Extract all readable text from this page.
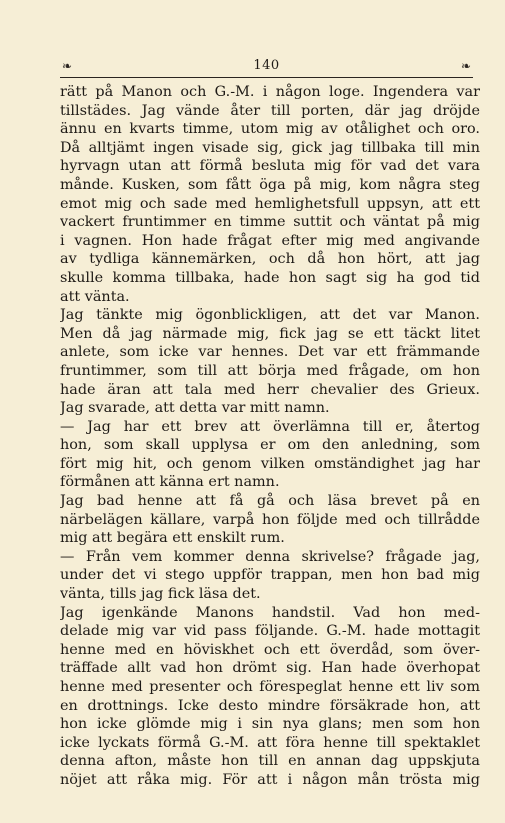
❧	140	❧
rätt på Manon och G.-M. i någon loge. Ingendera var
tillstädes. Jag vände åter till porten, där jag dröjde
ännu en kvarts timme, utom mig av otålighet och oro.
Då alltjämt ingen visade sig, gick jag tillbaka till min
hyrvagn utan att förmå besluta mig för vad det vara
månde. Kusken, som fått öga på mig, kom några steg
emot mig och sade med hemlighetsfull uppsyn, att ett
vackert fruntimmer en timme suttit och väntat på mig
i vagnen. Hon hade frågat efter mig med angivande
av tydliga kännemärken, och då hon hört, att jag
skulle komma tillbaka, hade hon sagt sig ha god tid
att vänta.
Jag tänkte mig ögonblickligen, att det var Manon.
Men då jag närmade mig, fick jag se ett täckt litet
anlete, som icke var hennes. Det var ett främmande
fruntimmer, som till att börja med frågade, om hon
hade äran att tala med herr chevalier des Grieux.
Jag svarade, att detta var mitt namn.
— Jag har ett brev att överlämna till er, återtog
hon, som skall upplysa er om den anledning, som
fört mig hit, och genom vilken omständighet jag har
förmånen att känna ert namn.
Jag bad henne att få gå och läsa brevet på en
närbelägen källare, varpå hon följde med och tillrådde
mig att begära ett enskilt rum.
— Från vem kommer denna skrivelse? frågade jag,
under det vi stego uppför trappan, men hon bad mig
vänta, tills jag fick läsa det.
Jag igenkände Manons handstil. Vad hon med-
delade mig var vid pass följande. G.-M. hade mottagit
henne med en höviskhet och ett överdåd, som över-
träffade allt vad hon drömt sig. Han hade överhopat
henne med presenter och förespeglat henne ett liv som
en drottnings. Icke desto mindre försäkrade hon, att
hon icke glömde mig i sin nya glans; men som hon
icke lyckats förmå G.-M. att föra henne till spektaklet
denna afton, måste hon till en annan dag uppskjuta
nöjet att råka mig. För att i någon mån trösta mig
